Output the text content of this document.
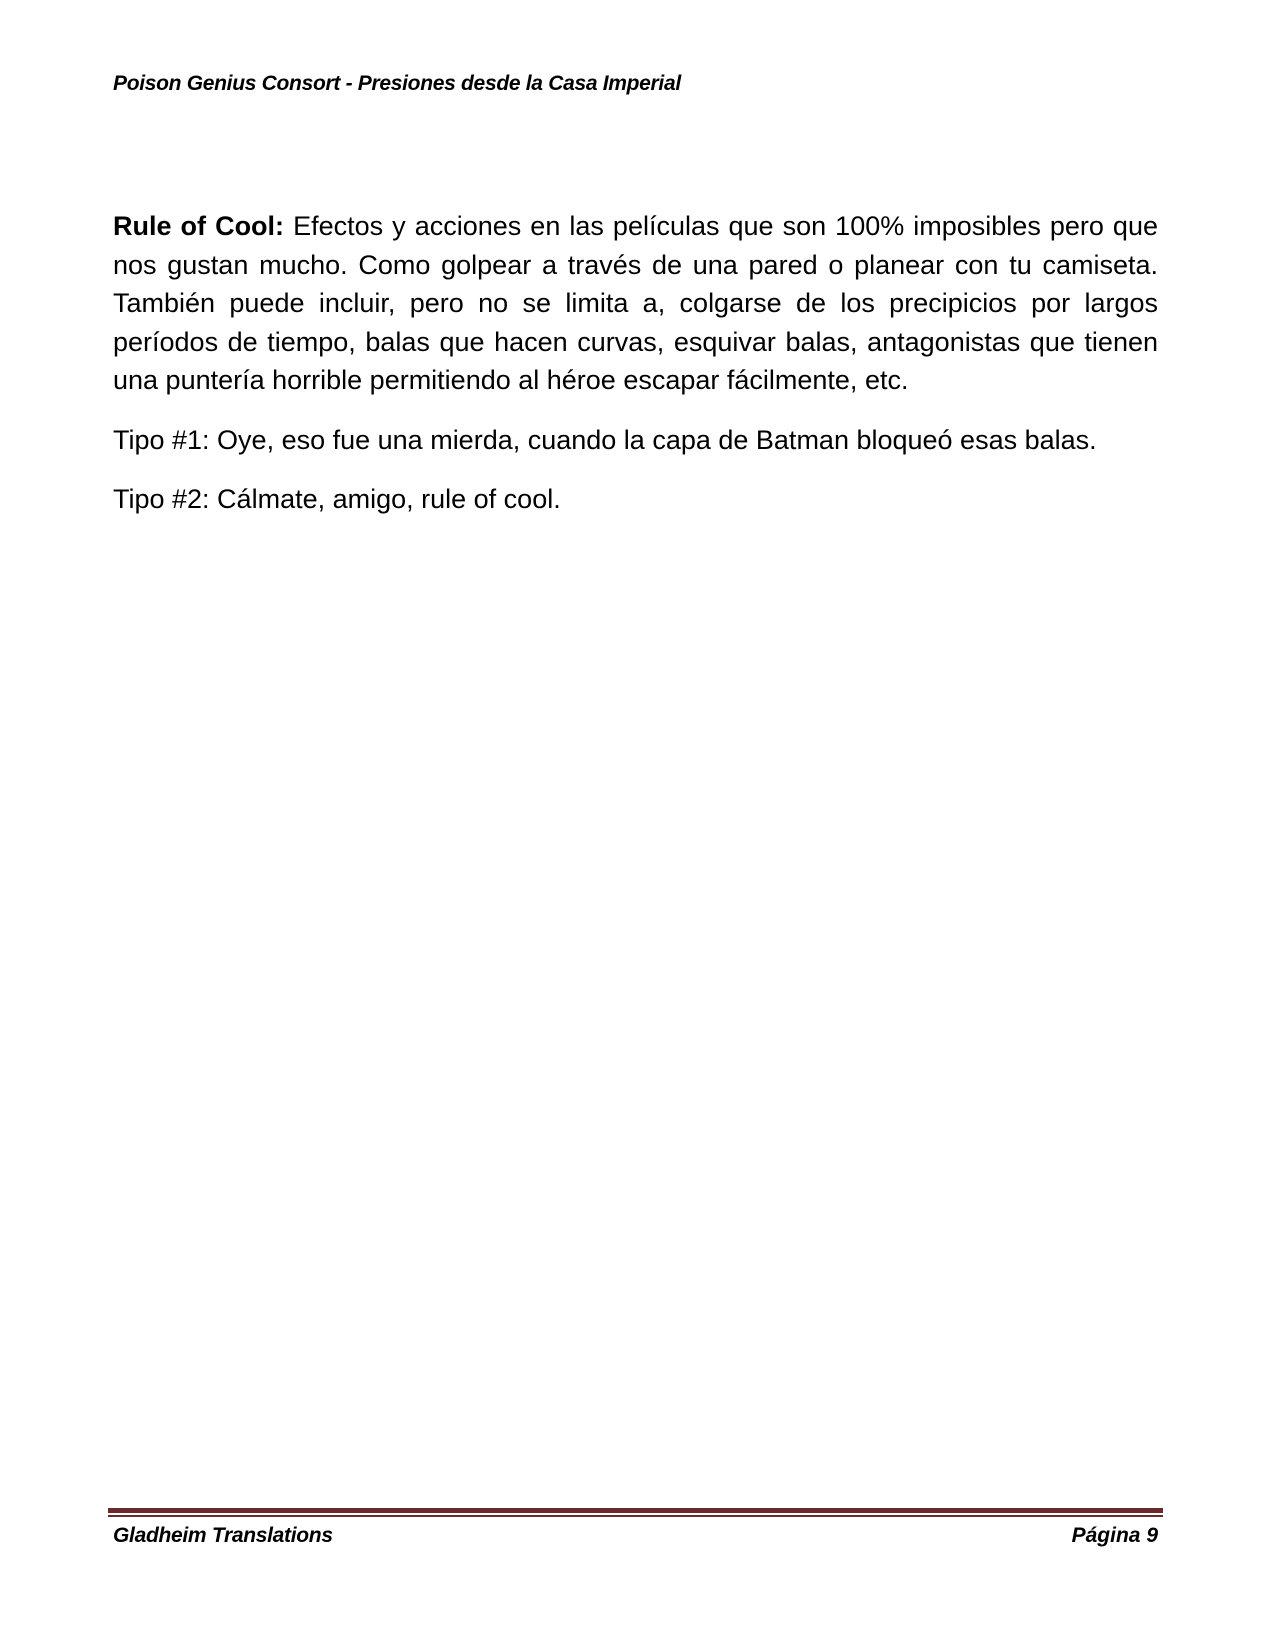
Poison Genius Consort - Presiones desde la Casa Imperial

Rule of Cool: Efectos y acciones en las películas que son 100% imposibles pero que nos gustan mucho. Como golpear a través de una pared o planear con tu camiseta. También puede incluir, pero no se limita a, colgarse de los precipicios por largos períodos de tiempo, balas que hacen curvas, esquivar balas, antagonistas que tienen una puntería horrible permitiendo al héroe escapar fácilmente, etc.

Tipo #1: Oye, eso fue una mierda, cuando la capa de Batman bloqueó esas balas.

Tipo #2: Cálmate, amigo, rule of cool.

Gladheim Translations	Página 9
